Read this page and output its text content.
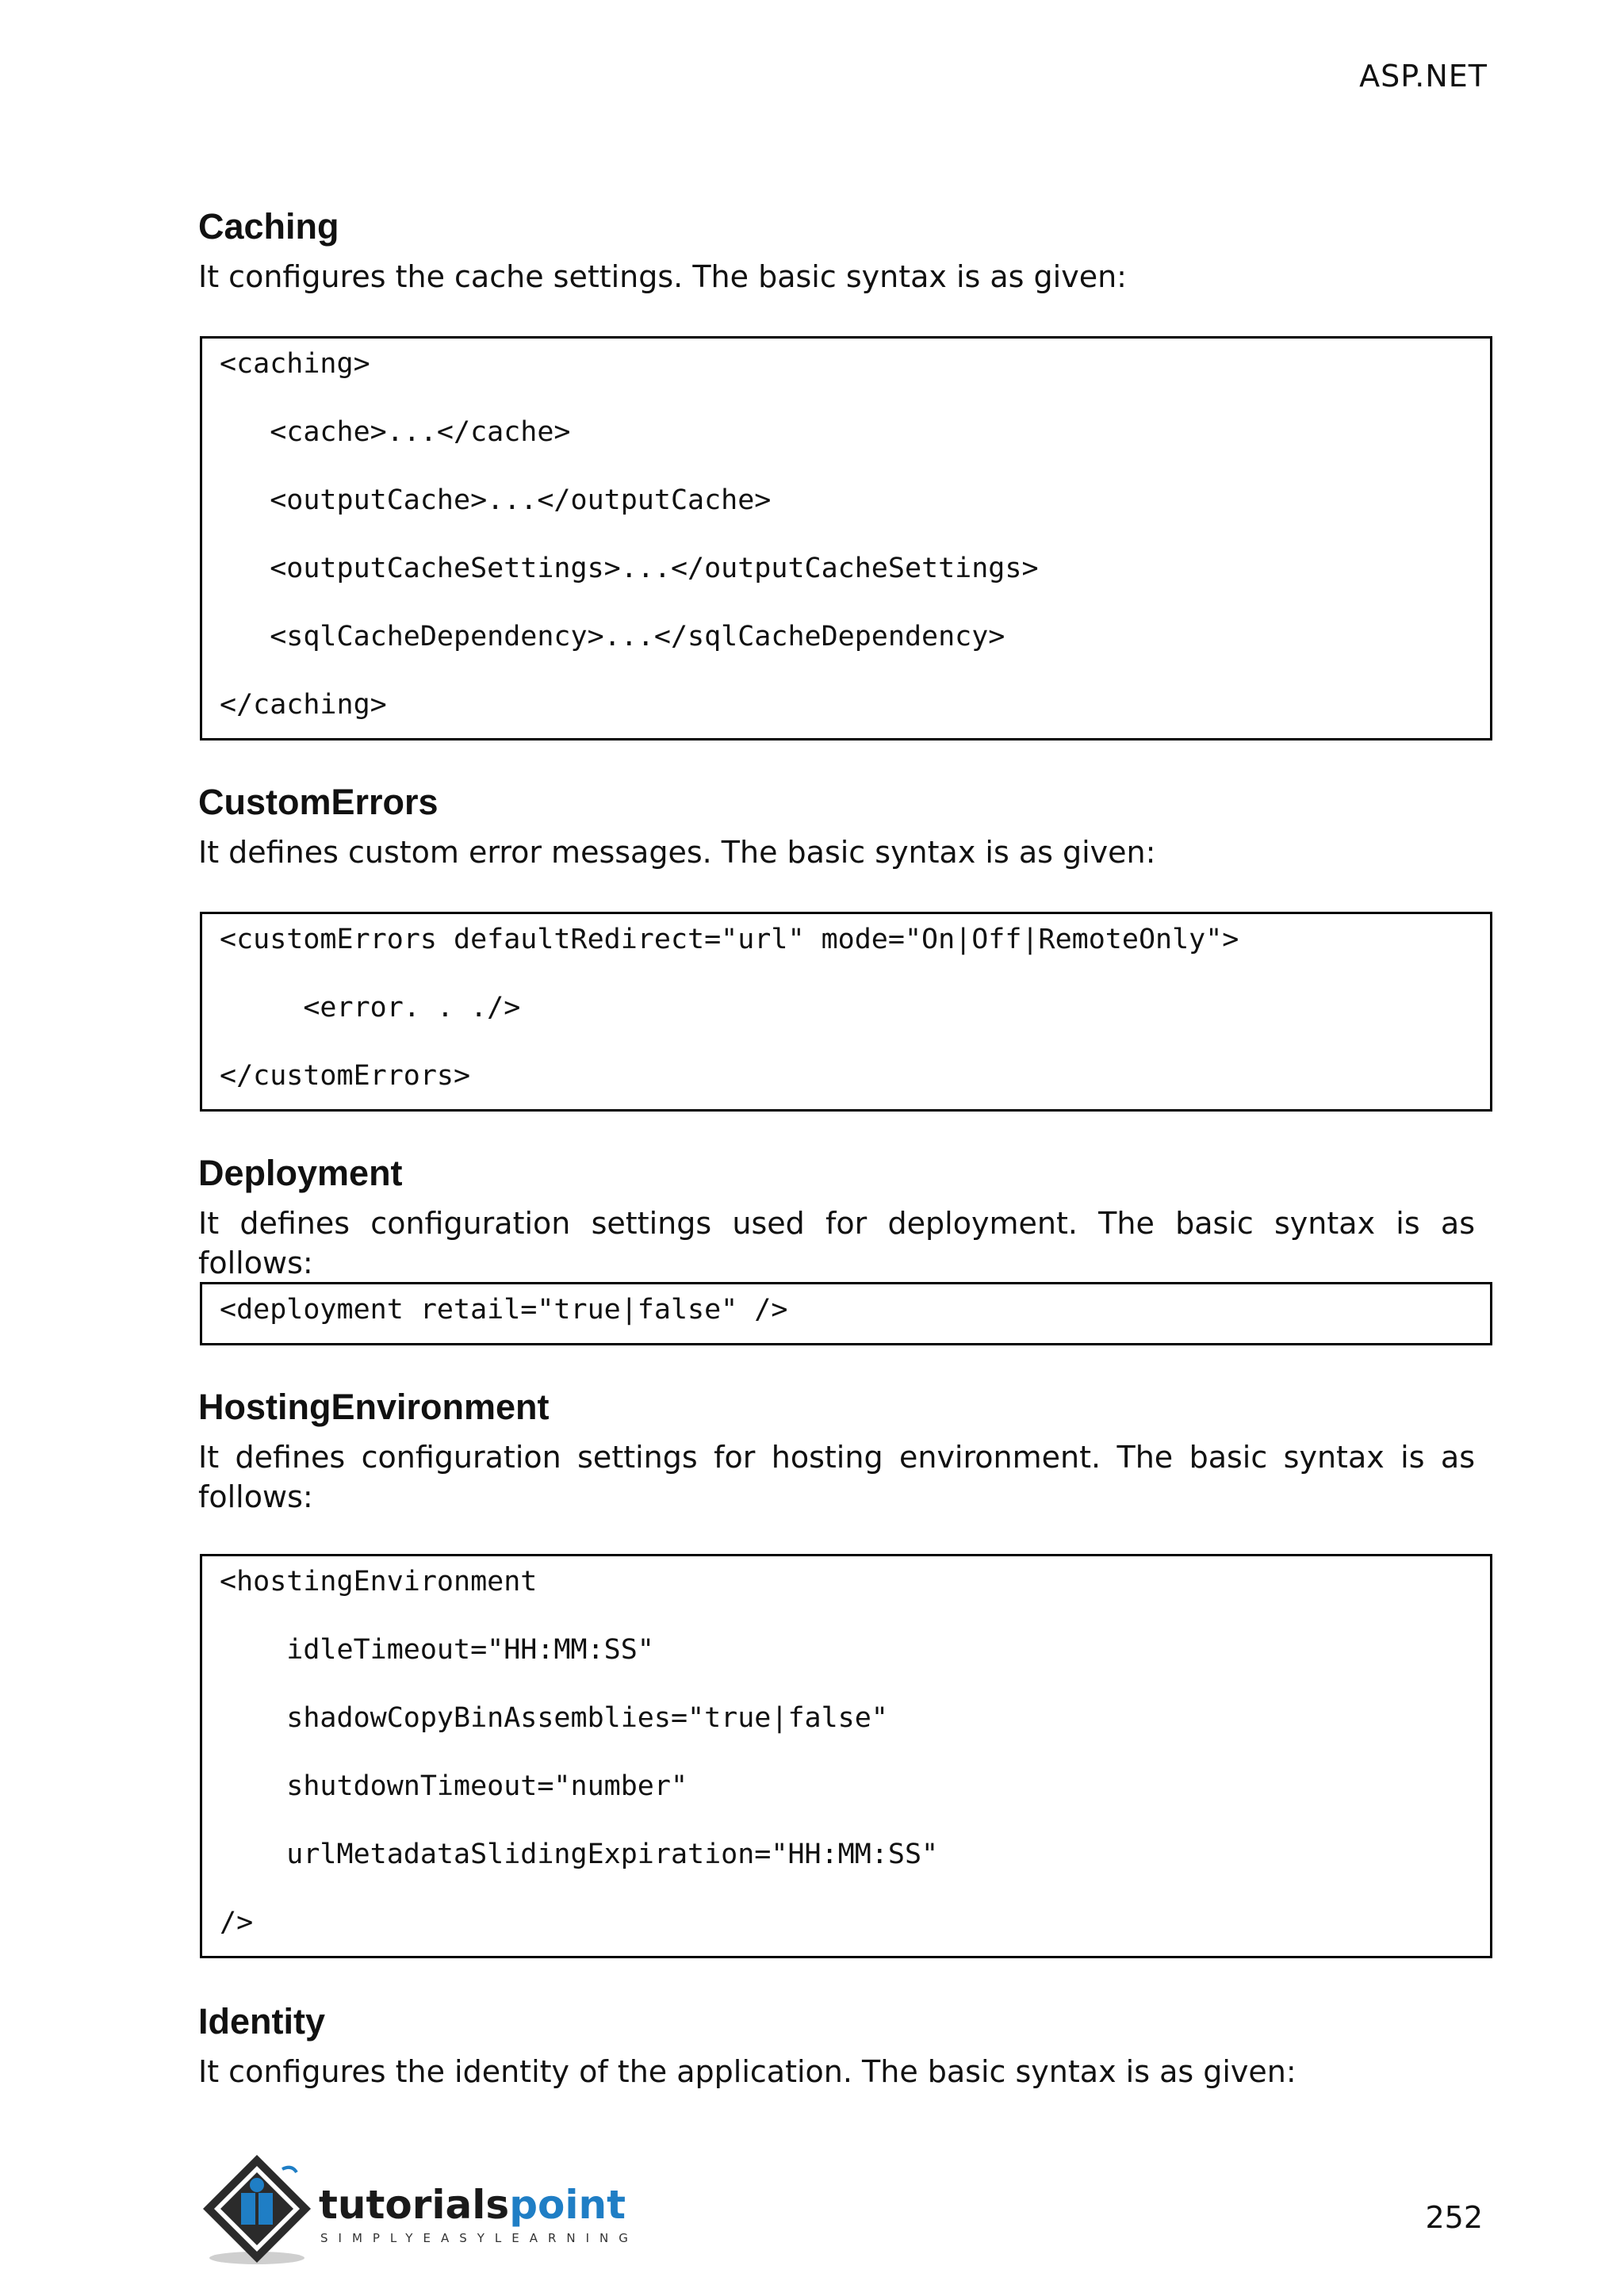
ASP.NET
Caching

It configures the cache settings. The basic syntax is as given:

<caching>
<cache>...</cache>
<outputCache>...</outputCache>
<outputCacheSettings>...</outputCacheSettings>
<sqlCacheDependency>...</sqlCacheDependency>
</caching>
CustomErrors

It defines custom error messages. The basic syntax is as given:

<customErrors defaultRedirect="url" mode="On|Off|RemoteOnly">
<error. . ./>
</customErrors>
Deployment

It defines configuration settings used for deployment. The basic syntax is as follows:

<deployment retail="true|false" />
HostingEnvironment

It defines configuration settings for hosting environment. The basic syntax is as follows:

<hostingEnvironment
idleTimeout="HH:MM:SS"
shadowCopyBinAssemblies="true|false"
shutdownTimeout="number"
urlMetadataSlidingExpiration="HH:MM:SS"
/>
Identity

It configures the identity of the application. The basic syntax is as given:

tutorialspoint
SIMPLYEASYLEARNING
252
